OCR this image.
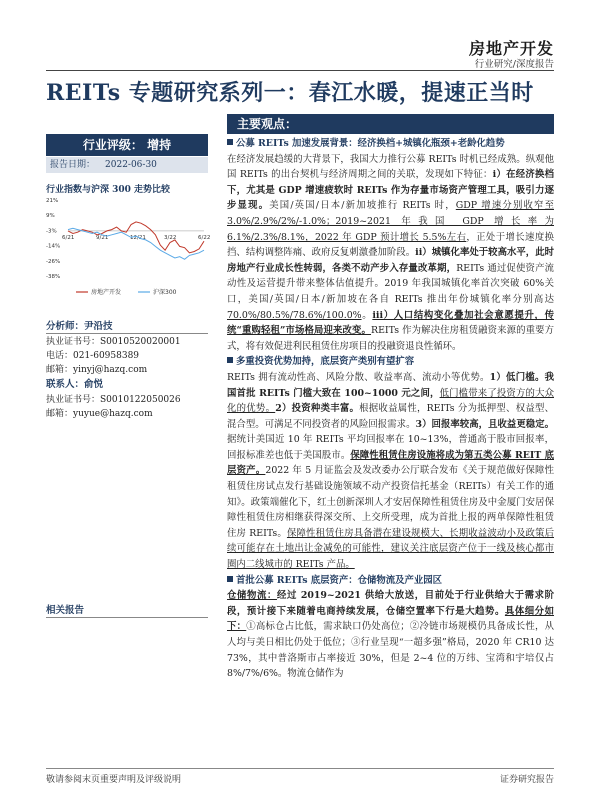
房地产开发
行业研究/深度报告
REITs 专题研究系列一：春江水暖，提速正当时
行业评级： 增持
报告日期： 2022-06-30
行业指数与沪深 300 走势比较
21%
9%
-3%
-14%
-26%
-38%
6/21	9/21	12/21	3/22	6/22
房地产开发	沪深300
分析师：尹沿技
执业证书号：S0010520020001
电话：021-60958389
邮箱：yinyj@hazq.com
联系人：俞悦
执业证书号：S0010122050026
邮箱：yuyue@hazq.com
相关报告
主要观点：

公募 REITs 加速发展背景：经济换档+城镇化瓶颈+老龄化趋势

在经济发展趋缓的大背景下，我国大力推行公募 REITs 时机已经成熟。纵观他国 REITs 的出台契机与经济周期之间的关联，发现如下特征：i）在经济换档下，尤其是 GDP 增速疲软时 REITs 作为存量市场资产管理工具，吸引力逐步显现。美国/英国/日本/新加坡推行 REITs 时，GDP 增速分别收窄至 3.0%/2.9%/2%/-1.0%；2019~2021 年我国 GDP 增长率为 6.1%/2.3%/8.1%，2022 年 GDP 预计增长 5.5%左右，正处于增长速度换挡、结构调整阵痛、政府反复刺激叠加阶段。ii）城镇化率处于较高水平，此时房地产行业成长性转弱，各类不动产步入存量改革期，REITs 通过促使资产流动性及运营提升带来整体估值提升。2019 年我国城镇化率首次突破 60%关口，美国/英国/日本/新加坡在各自 REITs 推出年份城镇化率分别高达 70.0%/80.5%/78.6%/100.0%。iii）人口结构变化叠加社会意愿提升，传统“重购轻租”市场格局迎来改变。REITs 作为解决住房租赁融资来源的重要方式，将有效促进利民租赁住房项目的投融资退良性循环。

多重投资优势加持，底层资产类别有望扩容

REITs 拥有流动性高、风险分散、收益率高、流动小等优势。1）低门槛。我国首批 REITs 门槛大致在 100~1000 元之间，低门槛带来了投资方的大众化的优势。2）投资种类丰富。根据收益属性，REITs 分为抵押型、权益型、混合型。可满足不同投资者的风险回报需求。3）回报率较高，且收益更稳定。据统计美国近 10 年 REITs 平均回报率在 10~13%，普通高于股市回报率，回报标准差也低于美国股市。保障性租赁住房设施将成为第五类公募 REIT 底层资产。2022 年 5 月证监会及发改委办公厅联合发布《关于规范做好保障性租赁住房试点发行基础设施领域不动产投资信托基金（REITs）有关工作的通知》。政策端催化下，红土创新深圳人才安居保障性租赁住房及中金厦门安居保障性租赁住房相继获得深交所、上交所受理，成为首批上报的两单保障性租赁住房 REITs。保障性租赁住房具备潜在建设规模大、长期收益波动小及政策后续可能存在土地出让金减免的可能性，建议关注底层资产位于一线及核心都市圈内二线城市的 REITs 产品。

首批公募 REITs 底层资产：仓储物流及产业园区

仓储物流：经过 2019~2021 供给大放送，目前处于行业供给大于需求阶段，预计接下来随着电商持续发展，仓储空置率下行是大趋势。具体细分如下：①高标仓占比低，需求缺口仍处高位；②冷链市场规模仍具备成长性，从人均与美日相比仍处于低位；③行业呈现“一超多强”格局，2020 年 CR10 达 73%，其中普洛斯市占率接近 30%，但是 2~4 位的万纬、宝湾和宇培仅占 8%/7%/6%。物流仓储作为

敬请参阅末页重要声明及评级说明	证券研究报告
